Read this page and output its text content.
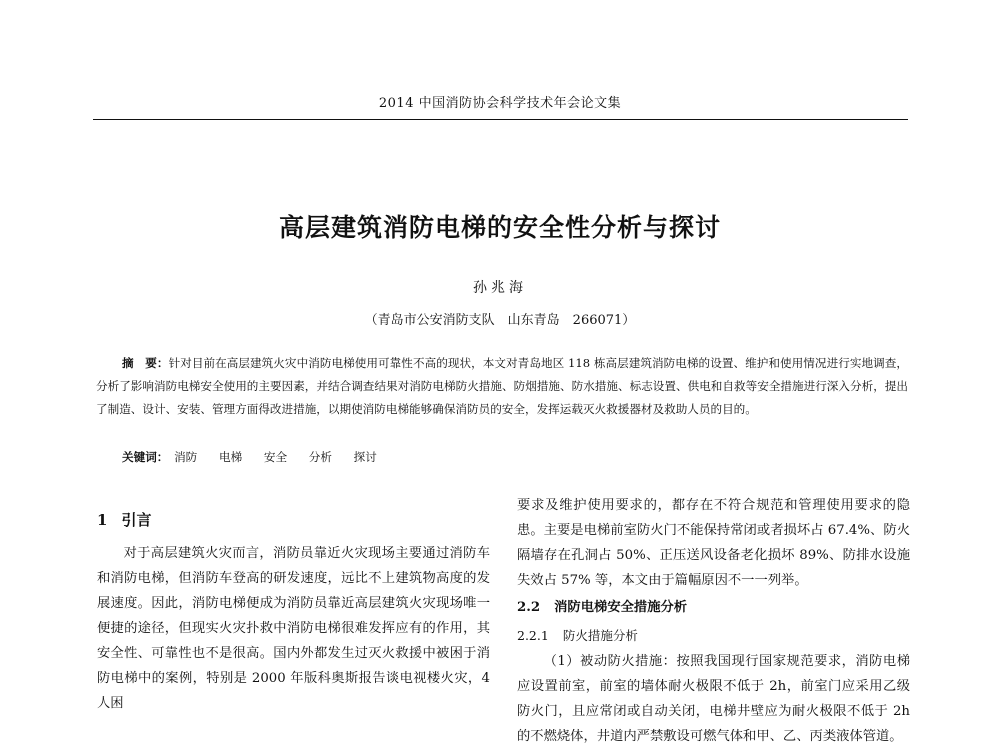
2014 中国消防协会科学技术年会论文集
高层建筑消防电梯的安全性分析与探讨
孙兆海
（青岛市公安消防支队　山东青岛　266071）
摘　要：针对目前在高层建筑火灾中消防电梯使用可靠性不高的现状，本文对青岛地区 118 栋高层建筑消防电梯的设置、维护和使用情况进行实地调查，分析了影响消防电梯安全使用的主要因素，并结合调查结果对消防电梯防火措施、防烟措施、防水措施、标志设置、供电和自救等安全措施进行深入分析，提出了制造、设计、安装、管理方面得改进措施，以期使消防电梯能够确保消防员的安全，发挥运载灭火救援器材及救助人员的目的。
关键词： 消防 电梯 安全 分析 探讨
1 引言
对于高层建筑火灾而言，消防员靠近火灾现场主要通过消防车和消防电梯，但消防车登高的研发速度，远比不上建筑物高度的发展速度。因此，消防电梯便成为消防员靠近高层建筑火灾现场唯一便捷的途径，但现实火灾扑救中消防电梯很难发挥应有的作用，其安全性、可靠性也不是很高。国内外都发生过灭火救援中被困于消防电梯中的案例，特别是 2000 年版科奥斯报告谈电视楼火灾，4 人困
要求及维护使用要求的，都存在不符合规范和管理使用要求的隐患。主要是电梯前室防火门不能保持常闭或者损坏占 67.4%、防火隔墙存在孔洞占 50%、正压送风设备老化损坏 89%、防排水设施失效占 57% 等，本文由于篇幅原因不一一列举。
2.2 消防电梯安全措施分析
2.2.1 防火措施分析
（1）被动防火措施：按照我国现行国家规范要求，消防电梯应设置前室，前室的墙体耐火极限不低于 2h，前室门应采用乙级防火门，且应常闭或自动关闭，电梯井壁应为耐火极限不低于 2h 的不燃烧体，井道内严禁敷设可燃气体和甲、乙、丙类液体管道。
